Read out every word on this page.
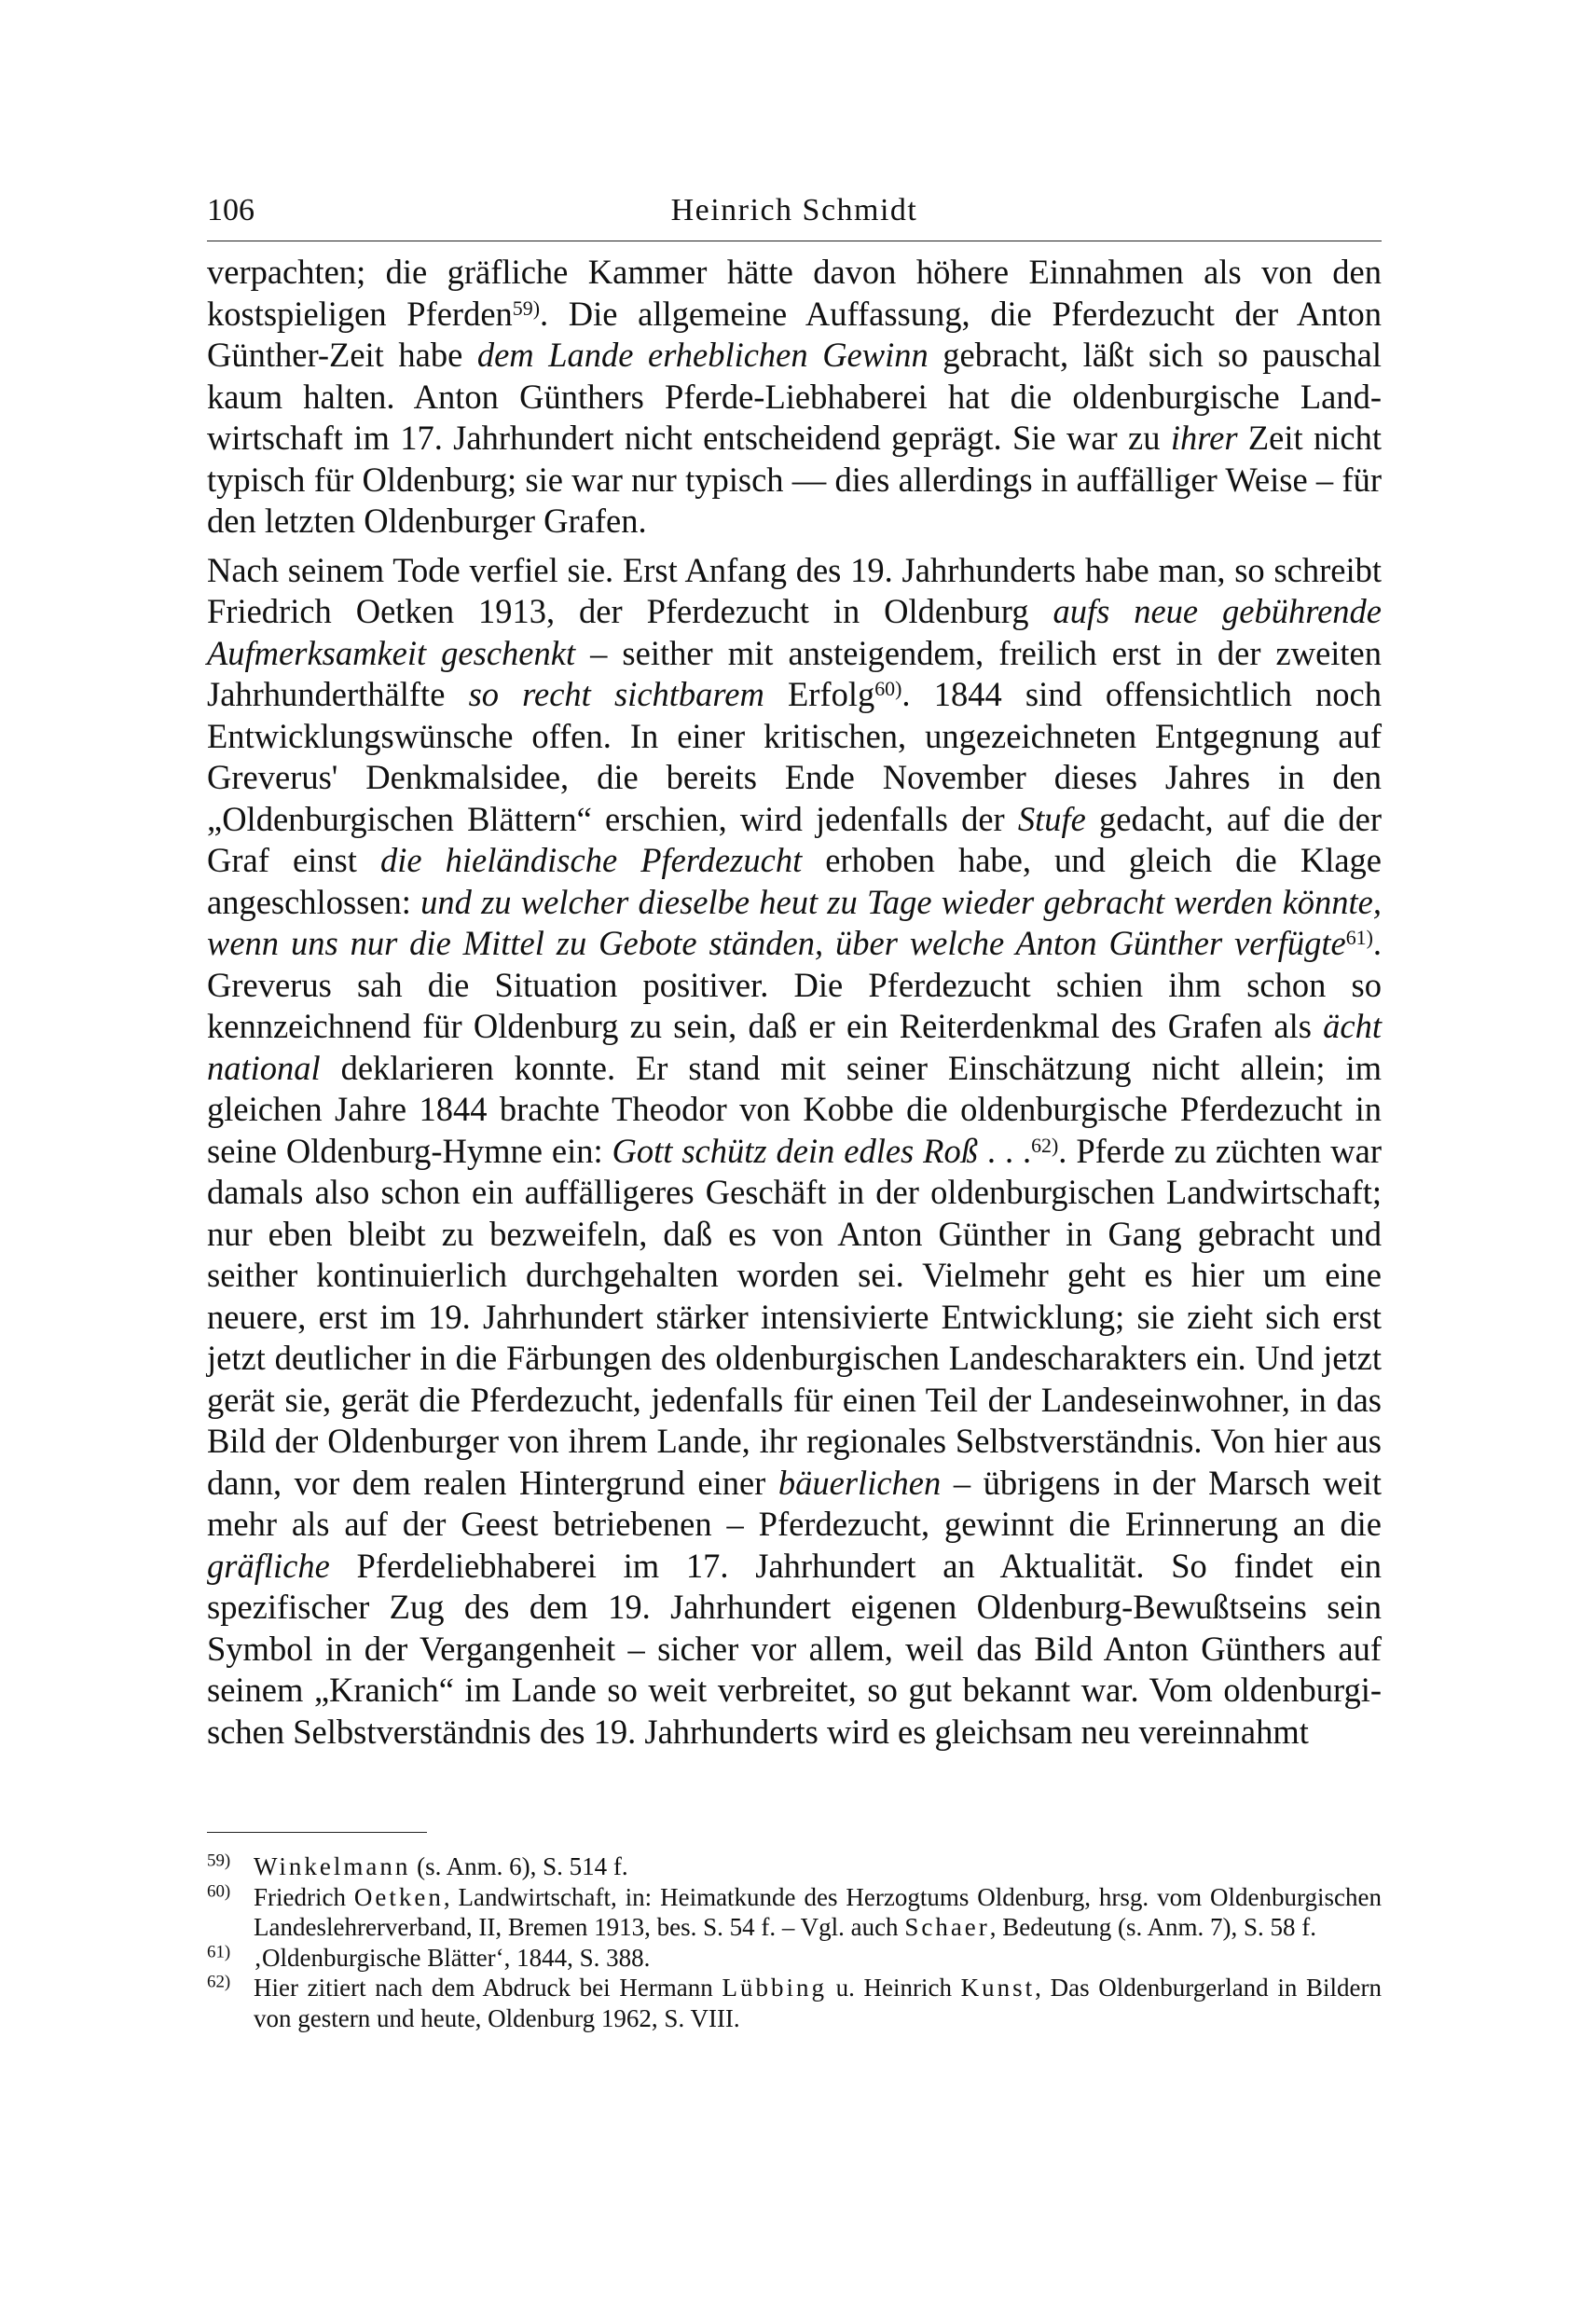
106	Heinrich Schmidt

verpachten; die gräfliche Kammer hätte davon höhere Einnahmen als von den kostspieligen Pferden$^{59)}$. Die allgemeine Auffassung, die Pferdezucht der Anton Günther-Zeit habe dem Lande erheblichen Gewinn gebracht, läßt sich so pauschal kaum halten. Anton Günthers Pferde-Liebhaberei hat die oldenburgische Landwirtschaft im 17. Jahrhundert nicht entscheidend geprägt. Sie war zu ihrer Zeit nicht typisch für Oldenburg; sie war nur typisch — dies allerdings in auffälliger Weise – für den letzten Oldenburger Grafen.

Nach seinem Tode verfiel sie. Erst Anfang des 19. Jahrhunderts habe man, so schreibt Friedrich Oetken 1913, der Pferdezucht in Oldenburg aufs neue gebührende Aufmerksamkeit geschenkt – seither mit ansteigendem, freilich erst in der zweiten Jahrhunderthälfte so recht sichtbarem Erfolg$^{60)}$. 1844 sind offensichtlich noch Entwicklungswünsche offen. In einer kritischen, ungezeichneten Entgegnung auf Greverus' Denkmalsidee, die bereits Ende November dieses Jahres in den „Oldenburgischen Blättern“ erschien, wird jedenfalls der Stufe gedacht, auf die der Graf einst die hieländische Pferdezucht erhoben habe, und gleich die Klage angeschlossen: und zu welcher dieselbe heut zu Tage wieder gebracht werden könnte, wenn uns nur die Mittel zu Gebote ständen, über welche Anton Günther verfügte$^{61)}$. Greverus sah die Situation positiver. Die Pferdezucht schien ihm schon so kennzeichnend für Oldenburg zu sein, daß er ein Reiterdenkmal des Grafen als ächt national deklarieren konnte. Er stand mit seiner Einschätzung nicht allein; im gleichen Jahre 1844 brachte Theodor von Kobbe die oldenburgische Pferdezucht in seine Oldenburg-Hymne ein: Gott schütz dein edles Roß . . .$^{62)}$. Pferde zu züchten war damals also schon ein auffälligeres Geschäft in der oldenburgischen Landwirtschaft; nur eben bleibt zu bezweifeln, daß es von Anton Günther in Gang gebracht und seither kontinuierlich durchgehalten worden sei. Vielmehr geht es hier um eine neuere, erst im 19. Jahrhundert stärker intensivierte Entwicklung; sie zieht sich erst jetzt deutlicher in die Färbungen des oldenburgischen Landescharakters ein. Und jetzt gerät sie, gerät die Pferdezucht, jedenfalls für einen Teil der Landeseinwohner, in das Bild der Oldenburger von ihrem Lande, ihr regionales Selbstverständnis. Von hier aus dann, vor dem realen Hintergrund einer bäuerlichen – übrigens in der Marsch weit mehr als auf der Geest betriebenen – Pferdezucht, gewinnt die Erinnerung an die gräfliche Pferdeliebhaberei im 17. Jahrhundert an Aktualität. So findet ein spezifischer Zug des dem 19. Jahrhundert eigenen Oldenburg-Bewußtseins sein Symbol in der Vergangenheit – sicher vor allem, weil das Bild Anton Günthers auf seinem „Kranich“ im Lande so weit verbreitet, so gut bekannt war. Vom oldenburgischen Selbstverständnis des 19. Jahrhunderts wird es gleichsam neu vereinnahmt

$^{59)}$ Winkelmann (s. Anm. 6), S. 514 f.
$^{60)}$ Friedrich Oetken, Landwirtschaft, in: Heimatkunde des Herzogtums Oldenburg, hrsg. vom Oldenburgischen Landeslehrerverband, II, Bremen 1913, bes. S. 54 f. – Vgl. auch Schaer, Bedeutung (s. Anm. 7), S. 58 f.
$^{61)}$ ‚Oldenburgische Blätter‘, 1844, S. 388.
$^{62)}$ Hier zitiert nach dem Abdruck bei Hermann Lübbing u. Heinrich Kunst, Das Oldenburgerland in Bildern von gestern und heute, Oldenburg 1962, S. VIII.
